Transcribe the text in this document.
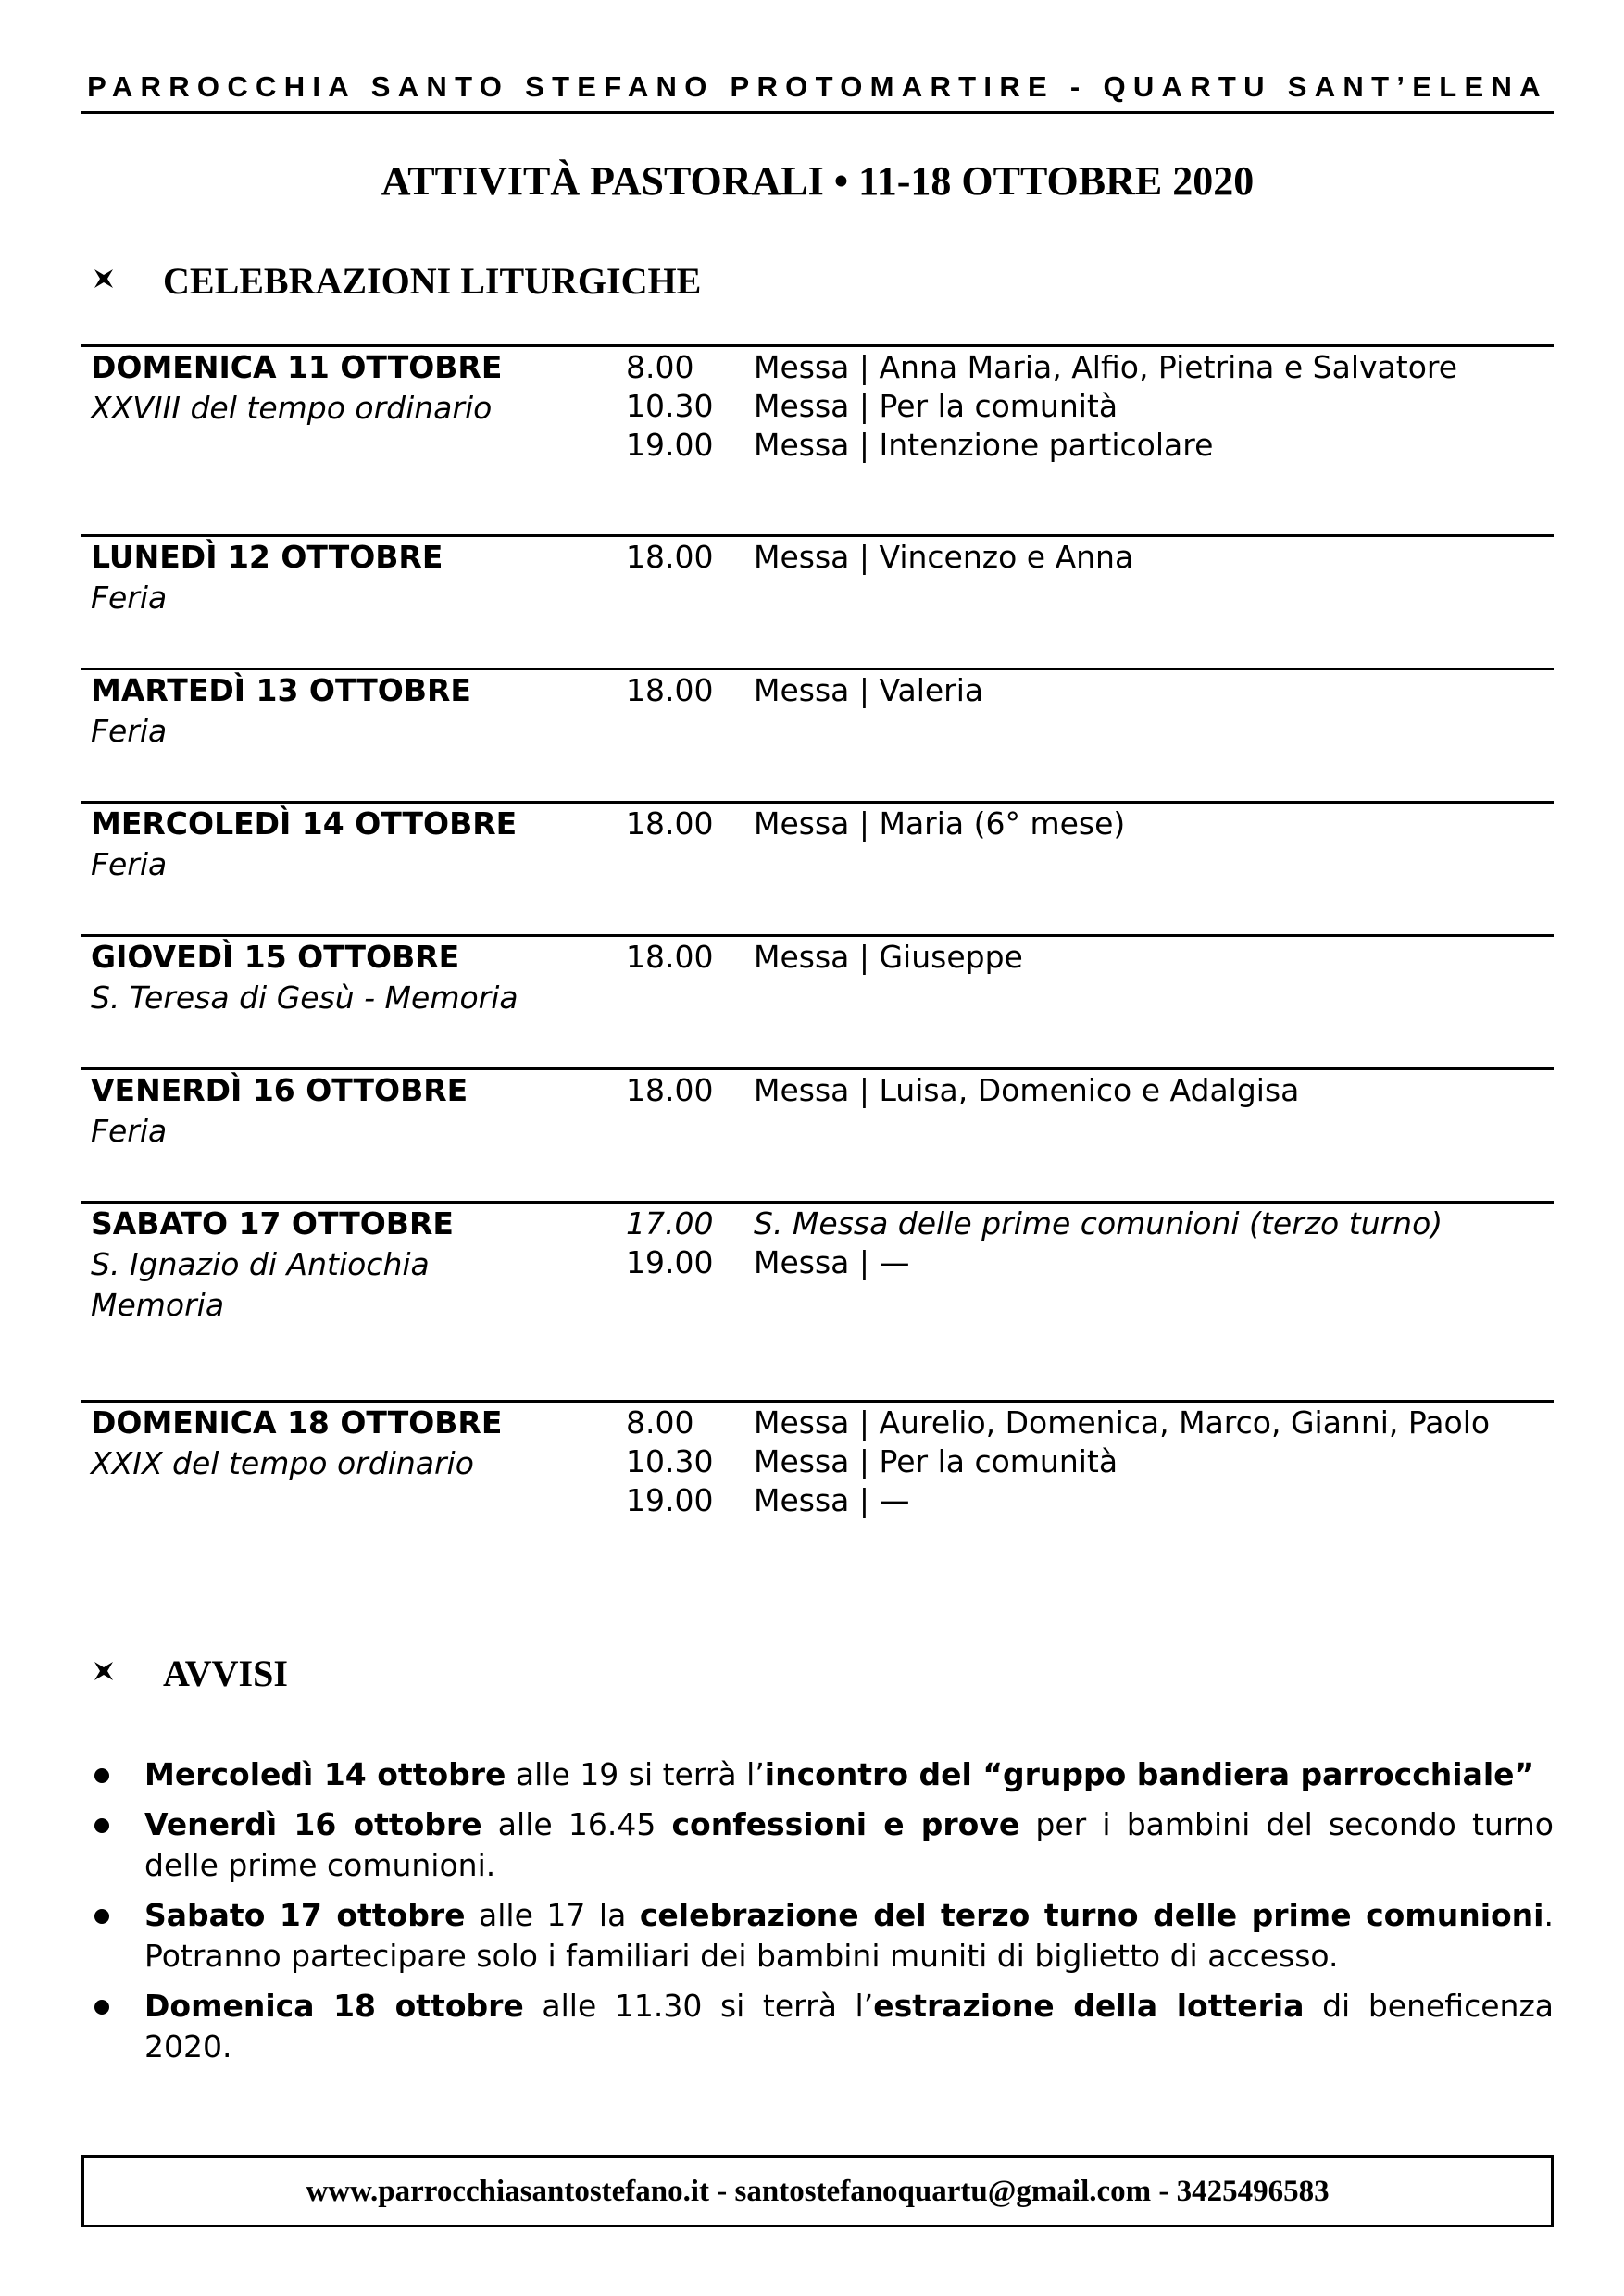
PARROCCHIA SANTO STEFANO PROTOMARTIRE - QUARTU SANT’ELENA
ATTIVITÀ PASTORALI • 11-18 OTTOBRE 2020
CELEBRAZIONI LITURGICHE
DOMENICA 11 OTTOBRE
XXVIII del tempo ordinario
8.00 Messa | Anna Maria, Alfio, Pietrina e Salvatore
10.30 Messa | Per la comunità
19.00 Messa | Intenzione particolare
LUNEDÌ 12 OTTOBRE
Feria
18.00 Messa | Vincenzo e Anna
MARTEDÌ 13 OTTOBRE
Feria
18.00 Messa | Valeria
MERCOLEDÌ 14 OTTOBRE
Feria
18.00 Messa | Maria (6° mese)
GIOVEDÌ 15 OTTOBRE
S. Teresa di Gesù - Memoria
18.00 Messa | Giuseppe
VENERDÌ 16 OTTOBRE
Feria
18.00 Messa | Luisa, Domenico e Adalgisa
SABATO 17 OTTOBRE
S. Ignazio di Antiochia Memoria
17.00 S. Messa delle prime comunioni (terzo turno)
19.00 Messa | —
DOMENICA 18 OTTOBRE
XXIX del tempo ordinario
8.00 Messa | Aurelio, Domenica, Marco, Gianni, Paolo
10.30 Messa | Per la comunità
19.00 Messa | —
AVVISI
Mercoledì 14 ottobre alle 19 si terrà l’incontro del “gruppo bandiera parrocchiale”
Venerdì 16 ottobre alle 16.45 confessioni e prove per i bambini del secondo turno delle prime comunioni.
Sabato 17 ottobre alle 17 la celebrazione del terzo turno delle prime comunioni. Potranno partecipare solo i familiari dei bambini muniti di biglietto di accesso.
Domenica 18 ottobre alle 11.30 si terrà l’estrazione della lotteria di beneficenza 2020.
www.parrocchiasantostefano.it - santostefanoquartu@gmail.com - 3425496583
